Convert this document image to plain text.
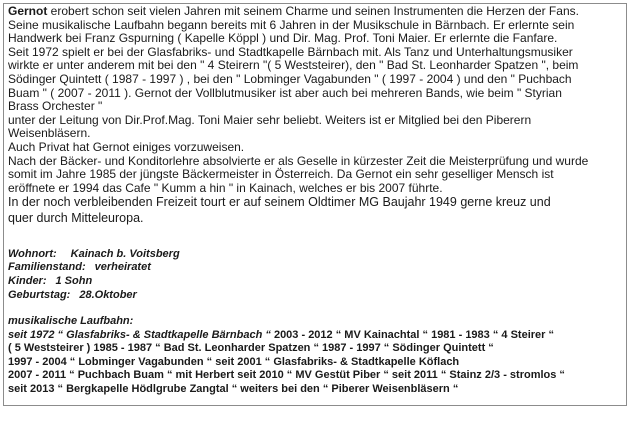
Gernot erobert schon seit vielen Jahren mit seinem Charme und seinen Instrumenten die Herzen der Fans.
Seine musikalische Laufbahn begann bereits mit 6 Jahren in der Musikschule in Bärnbach. Er erlernte sein
Handwerk bei Franz Gspurning ( Kapelle Köppl ) und Dir. Mag. Prof. Toni Maier. Er erlernte die Fanfare.
Seit 1972 spielt er bei der Glasfabriks- und Stadtkapelle Bärnbach mit. Als Tanz und Unterhaltungsmusiker
wirkte er unter anderem mit bei den " 4 Steirern "( 5 Weststeirer), den " Bad St. Leonharder Spatzen ", beim
Södinger Quintett ( 1987 - 1997 ) , bei den " Lobminger Vagabunden " ( 1997 - 2004 ) und den " Puchbach
Buam " ( 2007 - 2011 ). Gernot der Vollblutmusiker ist aber auch bei mehreren Bands, wie beim " Styrian
Brass Orchester "
unter der Leitung von Dir.Prof.Mag. Toni Maier sehr beliebt. Weiters ist er Mitglied bei den Piberern
Weisenbläsern.
Auch Privat hat Gernot einiges vorzuweisen.
Nach der Bäcker- und Konditorlehre absolvierte er als Geselle in kürzester Zeit die Meisterprüfung und wurde
somit im Jahre 1985 der jüngste Bäckermeister in Österreich. Da Gernot ein sehr geselliger Mensch ist
eröffnete er 1994 das Cafe " Kumm a hin " in Kainach, welches er bis 2007 führte.

In der noch verbleibenden Freizeit tourt er auf seinem Oldtimer MG Baujahr 1949 gerne kreuz und
quer durch Mitteleuropa.

Wohnort: Kainach b. Voitsberg
Familienstand: verheiratet
Kinder: 1 Sohn
Geburtstag: 28.Oktober

musikalische Laufbahn:
seit 1972 “ Glasfabriks- & Stadtkapelle Bärnbach “ 2003 - 2012 “ MV Kainachtal “ 1981 - 1983 “ 4 Steirer “
( 5 Weststeirer ) 1985 - 1987 “ Bad St. Leonharder Spatzen “ 1987 - 1997 “ Södinger Quintett “
1997 - 2004 “ Lobminger Vagabunden “ seit 2001 “ Glasfabriks- & Stadtkapelle Köflach
2007 - 2011 “ Puchbach Buam “ mit Herbert seit 2010 “ MV Gestüt Piber “ seit 2011 “ Stainz 2/3 - stromlos “
seit 2013 “ Bergkapelle Hödlgrube Zangtal “ weiters bei den “ Piberer Weisenbläsern “
